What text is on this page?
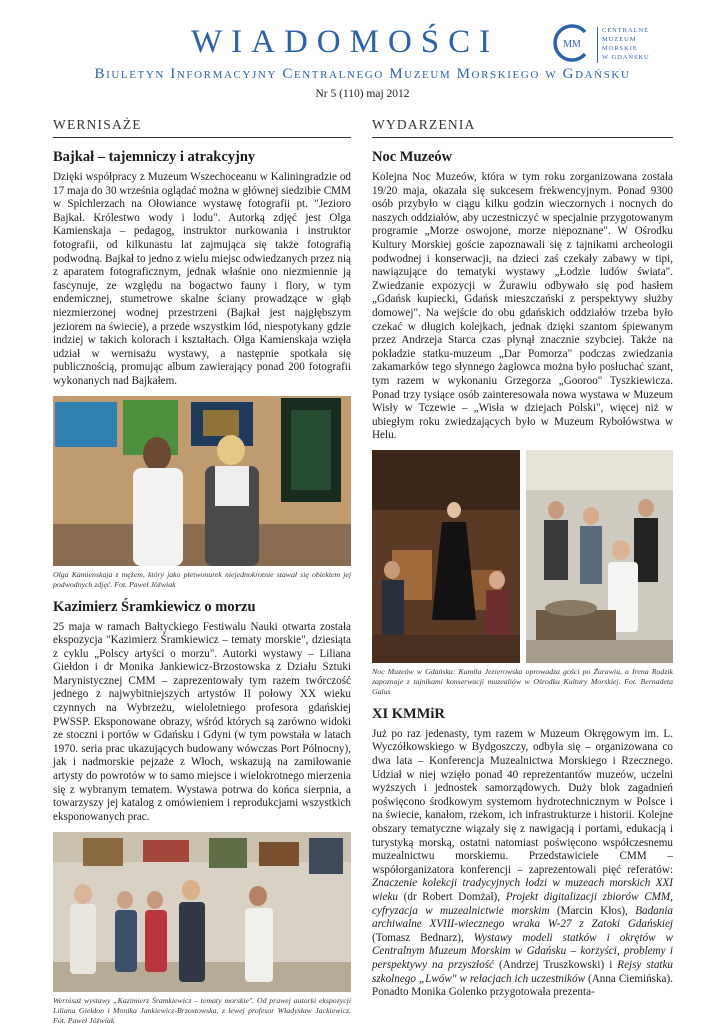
WIADOMOŚCI	MM
CENTRALNE
MUZEUM
MORSKIE
W GDAŃSKU
Biuletyn Informacyjny Centralnego Muzeum Morskiego w Gdańsku
Nr 5 (110) maj 2012
WERNISAŻE
Bajkał – tajemniczy i atrakcyjny

Dzięki współpracy z Muzeum Wszechoceanu w Kaliningradzie od 17 maja do 30 września oglądać można w głównej siedzibie CMM w Spichlerzach na Ołowiance wystawę fotografii pt. "Jezioro Bajkał. Królestwo wody i lodu". Autorką zdjęć jest Olga Kamienskaja – pedagog, instruktor nurkowania i instruktor fotografii, od kilkunastu lat zajmująca się także fotografią podwodną. Bajkał to jedno z wielu miejsc odwiedzanych przez nią z aparatem fotograficznym, jednak właśnie ono niezmiennie ją fascynuje, ze względu na bogactwo fauny i flory, w tym endemicznej, stumetrowe skalne ściany prowadzące w głąb niezmierzonej wodnej przestrzeni (Bajkał jest najgłębszym jeziorem na świecie), a przede wszystkim lód, niespotykany gdzie indziej w takich kolorach i kształtach. Olga Kamienskaja wzięła udział w wernisażu wystawy, a następnie spotkała się publicznością, promując album zawierający ponad 200 fotografii wykonanych nad Bajkałem.

Olga Kamienskaja z mężem, który jako płetwonurek niejednokrotnie stawał się obiektem jej podwodnych zdjęć. Fot. Paweł Jóźwiak

Kazimierz Śramkiewicz o morzu

25 maja w ramach Bałtyckiego Festiwalu Nauki otwarta została ekspozycja "Kazimierz Śramkiewicz – tematy morskie", dziesiąta z cyklu „Polscy artyści o morzu". Autorki wystawy – Liliana Giełdon i dr Monika Jankiewicz-Brzostowska z Działu Sztuki Marynistycznej CMM – zaprezentowały tym razem twórczość jednego z najwybitniejszych artystów II połowy XX wieku czynnych na Wybrzeżu, wieloletniego profesora gdańskiej PWSSP. Eksponowane obrazy, wśród których są zarówno widoki ze stoczni i portów w Gdańsku i Gdyni (w tym powstała w latach 1970. seria prac ukazujących budowany wówczas Port Północny), jak i nadmorskie pejzaże z Włoch, wskazują na zamiłowanie artysty do powrotów w to samo miejsce i wielokrotnego mierzenia się z wybranym tematem. Wystawa potrwa do końca sierpnia, a towarzyszy jej katalog z omówieniem i reprodukcjami wszystkich eksponowanych prac.

Wernisaż wystawy „Kazimierz Śramkiewicz – tematy morskie". Od prawej autorki ekspozycji Liliana Giełdon i Monika Jankiewicz-Brzostowska, z lewej profesor Władysław Jackiewicz. Fot. Paweł Jóźwiak

WYDARZENIA
Noc Muzeów

Kolejna Noc Muzeów, która w tym roku zorganizowana została 19/20 maja, okazała się sukcesem frekwencyjnym. Ponad 9300 osób przybyło w ciągu kilku godzin wieczornych i nocnych do naszych oddziałów, aby uczestniczyć w specjalnie przygotowanym programie „Morze oswojone, morze niepoznane". W Ośrodku Kultury Morskiej goście zapoznawali się z tajnikami archeologii podwodnej i konserwacji, na dzieci zaś czekały zabawy w tipi, nawiązujące do tematyki wystawy „Łodzie ludów świata". Zwiedzanie expozycji w Żurawiu odbywało się pod hasłem „Gdańsk kupiecki, Gdańsk mieszczański z perspektywy służby domowej". Na wejście do obu gdańskich oddziałów trzeba było czekać w długich kolejkach, jednak dzięki szantom śpiewanym przez Andrzeja Starca czas płynął znacznie szybciej. Także na pokładzie statku-muzeum „Dar Pomorza" podczas zwiedzania zakamarków tego słynnego żaglowca można było posłuchać szant, tym razem w wykonaniu Grzegorza „Gooroo" Tyszkiewicza. Ponad trzy tysiące osób zainteresowała nowa wystawa w Muzeum Wisły w Tczewie – „Wisła w dziejach Polski", więcej niż w ubiegłym roku zwiedzających było w Muzeum Rybołówstwa w Helu.

Noc Muzeów w Gdańsku: Kamila Jezierowska oprowadza gości po Żurawiu, a Irena Rodzik zapoznaje z tajnikami konserwacji muzealiów w Ośrodku Kultury Morskiej. Fot. Bernadeta Galus

XI KMMiR

Już po raz jedenasty, tym razem w Muzeum Okręgowym im. L. Wyczółkowskiego w Bydgoszczy, odbyła się – organizowana co dwa lata – Konferencja Muzealnictwa Morskiego i Rzecznego. Udział w niej wzięło ponad 40 reprezentantów muzeów, uczelni wyższych i jednostek samorządowych. Duży blok zagadnień poświęcono środkowym systemom hydrotechnicznym w Polsce i na świecie, kanałom, rzekom, ich infrastrukturze i historii. Kolejne obszary tematyczne wiązały się z nawigacją i portami, edukacją i turystyką morską, ostatni natomiast poświęcono współczesnemu muzealnictwu morskiemu. Przedstawiciele CMM – współorganizatora konferencji – zaprezentowali pięć referatów: Znaczenie kolekcji tradycyjnych łodzi w muzeach morskich XXI wieku (dr Robert Domżał), Projekt digitalizacji zbiorów CMM, cyfryzacja w muzealnictwie morskim (Marcin Kłos), Badania archiwalne XVIII-wiecznego wraka W-27 z Zatoki Gdańskiej (Tomasz Bednarz), Wystawy modeli statków i okrętów w Centralnym Muzeum Morskim w Gdańsku – korzyści, problemy i perspektywy na przyszłość (Andrzej Truszkowski) i Rejsy statku szkolnego „Lwów" w relacjach ich uczestników (Anna Ciemińska). Ponadto Monika Golenko przygotowała prezenta-
